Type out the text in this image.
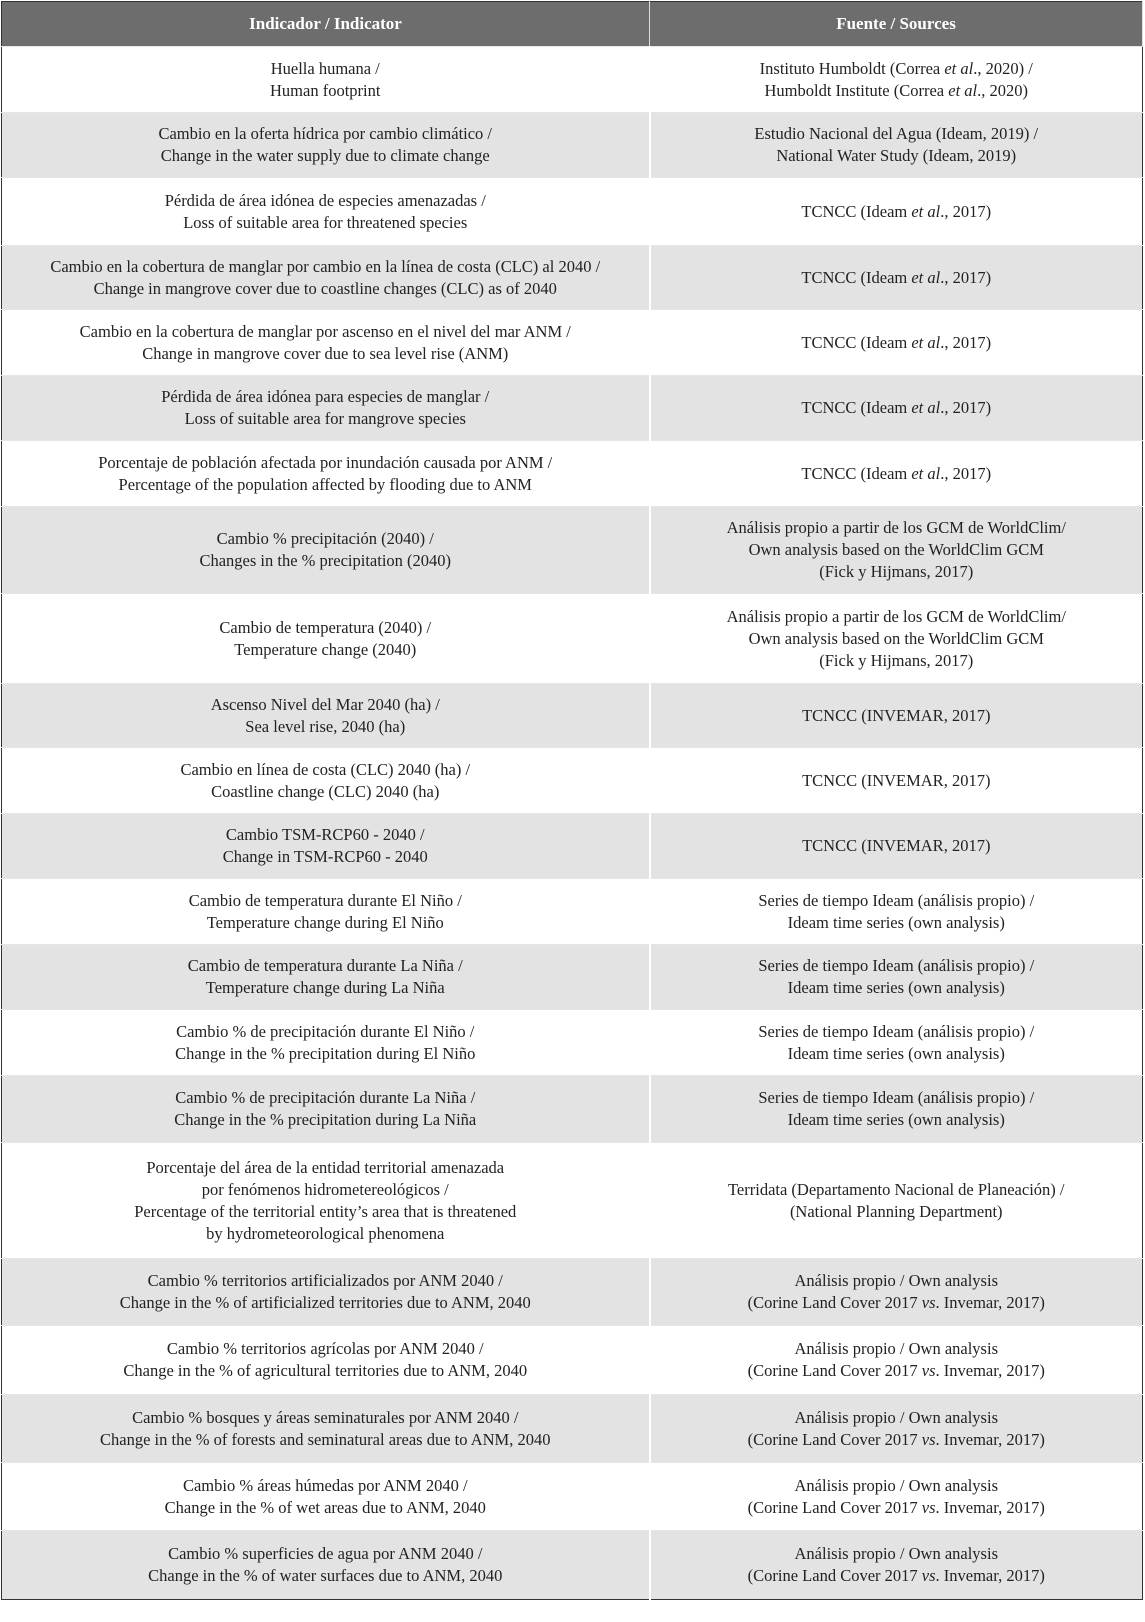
Indicador / Indicator	Fuente / Sources

Huella humana /
Human footprint	Instituto Humboldt (Correa et al., 2020) /
Humboldt Institute (Correa et al., 2020)

Cambio en la oferta hídrica por cambio climático /
Change in the water supply due to climate change	Estudio Nacional del Agua (Ideam, 2019) /
National Water Study (Ideam, 2019)

Pérdida de área idónea de especies amenazadas /
Loss of suitable area for threatened species	TCNCC (Ideam et al., 2017)

Cambio en la cobertura de manglar por cambio en la línea de costa (CLC) al 2040 /
Change in mangrove cover due to coastline changes (CLC) as of 2040	TCNCC (Ideam et al., 2017)

Cambio en la cobertura de manglar por ascenso en el nivel del mar ANM /
Change in mangrove cover due to sea level rise (ANM)	TCNCC (Ideam et al., 2017)

Pérdida de área idónea para especies de manglar /
Loss of suitable area for mangrove species	TCNCC (Ideam et al., 2017)

Porcentaje de población afectada por inundación causada por ANM /
Percentage of the population affected by flooding due to ANM	TCNCC (Ideam et al., 2017)

Cambio % precipitación (2040) /
Changes in the % precipitation (2040)	Análisis propio a partir de los GCM de WorldClim/
Own analysis based on the WorldClim GCM
(Fick y Hijmans, 2017)

Cambio de temperatura (2040) /
Temperature change (2040)	Análisis propio a partir de los GCM de WorldClim/
Own analysis based on the WorldClim GCM
(Fick y Hijmans, 2017)

Ascenso Nivel del Mar 2040 (ha) /
Sea level rise, 2040 (ha)	TCNCC (INVEMAR, 2017)

Cambio en línea de costa (CLC) 2040 (ha) /
Coastline change (CLC) 2040 (ha)	TCNCC (INVEMAR, 2017)

Cambio TSM-RCP60 - 2040 /
Change in TSM-RCP60 - 2040	TCNCC (INVEMAR, 2017)

Cambio de temperatura durante El Niño /
Temperature change during El Niño	Series de tiempo Ideam (análisis propio) /
Ideam time series (own analysis)

Cambio de temperatura durante La Niña /
Temperature change during La Niña	Series de tiempo Ideam (análisis propio) /
Ideam time series (own analysis)

Cambio % de precipitación durante El Niño /
Change in the % precipitation during El Niño	Series de tiempo Ideam (análisis propio) /
Ideam time series (own analysis)

Cambio % de precipitación durante La Niña /
Change in the % precipitation during La Niña	Series de tiempo Ideam (análisis propio) /
Ideam time series (own analysis)

Porcentaje del área de la entidad territorial amenazada
por fenómenos hidrometereológicos /
Percentage of the territorial entity’s area that is threatened
by hydrometeorological phenomena	Terridata (Departamento Nacional de Planeación) /
(National Planning Department)

Cambio % territorios artificializados por ANM 2040 /
Change in the % of artificialized territories due to ANM, 2040	Análisis propio / Own analysis
(Corine Land Cover 2017 vs. Invemar, 2017)

Cambio % territorios agrícolas por ANM 2040 /
Change in the % of agricultural territories due to ANM, 2040	Análisis propio / Own analysis
(Corine Land Cover 2017 vs. Invemar, 2017)

Cambio % bosques y áreas seminaturales por ANM 2040 /
Change in the % of forests and seminatural areas due to ANM, 2040	Análisis propio / Own analysis
(Corine Land Cover 2017 vs. Invemar, 2017)

Cambio % áreas húmedas por ANM 2040 /
Change in the % of wet areas due to ANM, 2040	Análisis propio / Own analysis
(Corine Land Cover 2017 vs. Invemar, 2017)

Cambio % superficies de agua por ANM 2040 /
Change in the % of water surfaces due to ANM, 2040	Análisis propio / Own analysis
(Corine Land Cover 2017 vs. Invemar, 2017)
